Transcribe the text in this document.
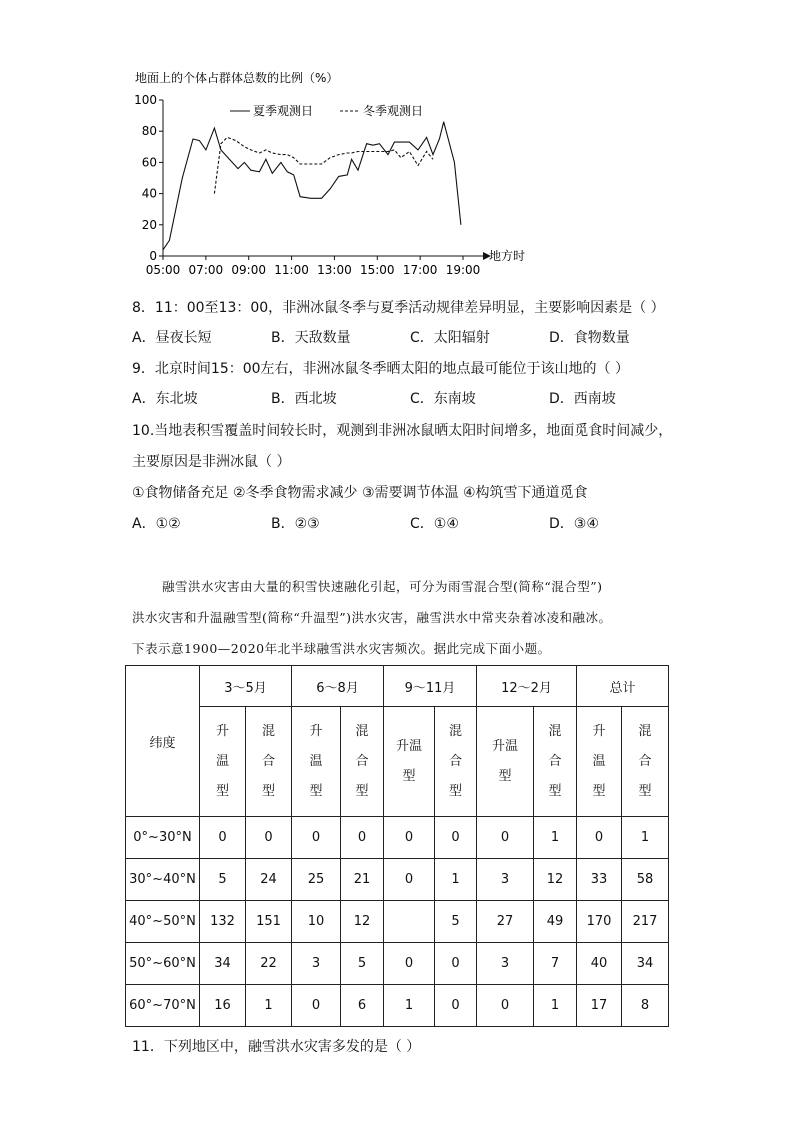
地面上的个体占群体总数的比例（%）
地方时
0
20
40
60
80
100
05:00 07:00 09:00 11:00 13:00 15:00 17:00 19:00
夏季观测日	冬季观测日
8．11：00至13：00，非洲冰鼠冬季与夏季活动规律差异明显，主要影响因素是（ ）
A．昼夜长短	B．天敌数量	C．太阳辐射	D．食物数量
9．北京时间15：00左右，非洲冰鼠冬季晒太阳的地点最可能位于该山地的（ ）
A．东北坡	B．西北坡	C．东南坡	D．西南坡
10.当地表积雪覆盖时间较长时，观测到非洲冰鼠晒太阳时间增多，地面觅食时间减少，
主要原因是非洲冰鼠（ ）
①食物储备充足 ②冬季食物需求减少 ③需要调节体温 ④构筑雪下通道觅食
A．①②	B．②③	C．①④	D．③④
融雪洪水灾害由大量的积雪快速融化引起，可分为雨雪混合型(简称“混合型”)
洪水灾害和升温融雪型(简称“升温型”)洪水灾害，融雪洪水中常夹杂着冰凌和融冰。
下表示意1900—2020年北半球融雪洪水灾害频次。据此完成下面小题。
纬度	3～5月		6～8月		9～11月		12～2月		总计	
	升温型	混合型	升温型	混合型	升温型	混合型	升温型	混合型	升温型	混合型
0°~30°N	0	0	0	0	0	0	0	1	0	1
30°~40°N	5	24	25	21	0	1	3	12	33	58
40°~50°N	132	151	10	12		5	27	49	170	217
50°~60°N	34	22	3	5	0	0	3	7	40	34
60°~70°N	16	1	0	6	1	0	0	1	17	8
11．下列地区中，融雪洪水灾害多发的是（ ）
